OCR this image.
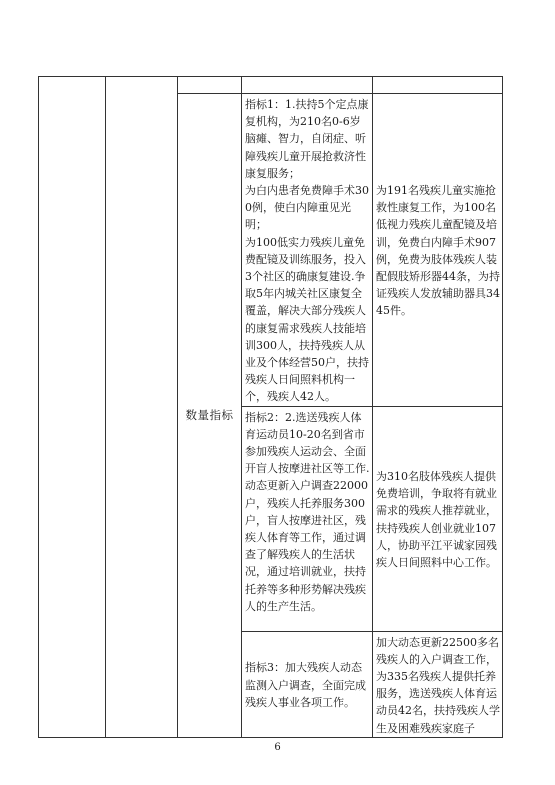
		数量指标	指标1：1.扶持5个定点康复机构，为210名0-6岁脑瘫、智力，自闭症、听障残疾儿童开展抢救济性康复服务；
为白内患者免费障手术300例，使白内障重见光明；
为100低实力残疾儿童免费配镜及训练服务，投入3个社区的确康复建设.争取5年内城关社区康复全覆盖，解决大部分残疾人的康复需求残疾人技能培训300人，扶持残疾人从业及个体经营50户，扶持残疾人日间照料机构一个，残疾人42人。	为191名残疾儿童实施抢救性康复工作，为100名低视力残疾儿童配镜及培训，免费白内障手术907例，免费为肢体残疾人装配假肢矫形器44条，为持证残疾人发放辅助器具3445件。

			指标2：2.选送残疾人体育运动员10-20名到省市参加残疾人运动会、全面开盲人按摩进社区等工作.动态更新入户调查22000户，残疾人托养服务300户，盲人按摩进社区，残疾人体育等工作，通过调查了解残疾人的生活状况，通过培训就业，扶持托养等多种形势解决残疾人的生产生活。	为310名肢体残疾人提供免费培训，争取将有就业需求的残疾人推荐就业，扶持残疾人创业就业107人，协助平江平诚家园残疾人日间照料中心工作。

			指标3：加大残疾人动态监测入户调查，全面完成残疾人事业各项工作。	加大动态更新22500多名残疾人的入户调查工作，为335名残疾人提供托养服务，选送残疾人体育运动员42名，扶持残疾人学生及困难残疾家庭子
6
